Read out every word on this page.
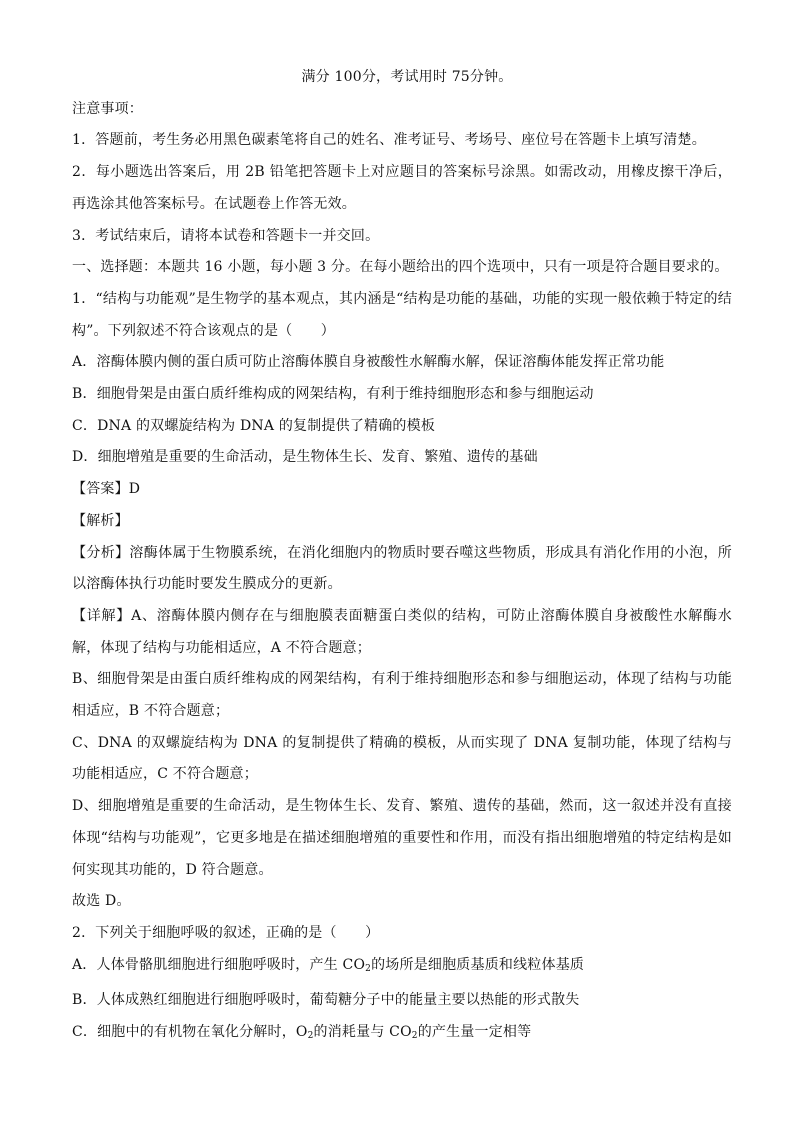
满分 100分，考试用时 75分钟。
注意事项：
1．答题前，考生务必用黑色碳素笔将自己的姓名、准考证号、考场号、座位号在答题卡上填写清楚。
2．每小题选出答案后，用 2B 铅笔把答题卡上对应题目的答案标号涂黑。如需改动，用橡皮擦干净后，再选涂其他答案标号。在试题卷上作答无效。
3．考试结束后，请将本试卷和答题卡一并交回。
一、选择题：本题共 16 小题，每小题 3 分。在每小题给出的四个选项中，只有一项是符合题目要求的。
1．“结构与功能观”是生物学的基本观点，其内涵是“结构是功能的基础，功能的实现一般依赖于特定的结构”。下列叙述不符合该观点的是（　　）
A．溶酶体膜内侧的蛋白质可防止溶酶体膜自身被酸性水解酶水解，保证溶酶体能发挥正常功能
B．细胞骨架是由蛋白质纤维构成的网架结构，有利于维持细胞形态和参与细胞运动
C．DNA 的双螺旋结构为 DNA 的复制提供了精确的模板
D．细胞增殖是重要的生命活动，是生物体生长、发育、繁殖、遗传的基础
【答案】D
【解析】
【分析】溶酶体属于生物膜系统，在消化细胞内的物质时要吞噬这些物质，形成具有消化作用的小泡，所以溶酶体执行功能时要发生膜成分的更新。
【详解】A、溶酶体膜内侧存在与细胞膜表面糖蛋白类似的结构，可防止溶酶体膜自身被酸性水解酶水解，体现了结构与功能相适应，A 不符合题意；
B、细胞骨架是由蛋白质纤维构成的网架结构，有利于维持细胞形态和参与细胞运动，体现了结构与功能相适应，B 不符合题意；
C、DNA 的双螺旋结构为 DNA 的复制提供了精确的模板，从而实现了 DNA 复制功能，体现了结构与功能相适应，C 不符合题意；
D、细胞增殖是重要的生命活动，是生物体生长、发育、繁殖、遗传的基础，然而，这一叙述并没有直接体现“结构与功能观”，它更多地是在描述细胞增殖的重要性和作用，而没有指出细胞增殖的特定结构是如何实现其功能的，D 符合题意。
故选 D。
2．下列关于细胞呼吸的叙述，正确的是（　　）
A．人体骨骼肌细胞进行细胞呼吸时，产生 $CO_2$的场所是细胞质基质和线粒体基质
B．人体成熟红细胞进行细胞呼吸时，葡萄糖分子中的能量主要以热能的形式散失
C．细胞中的有机物在氧化分解时，$O_2$的消耗量与 $CO_2$的产生量一定相等
